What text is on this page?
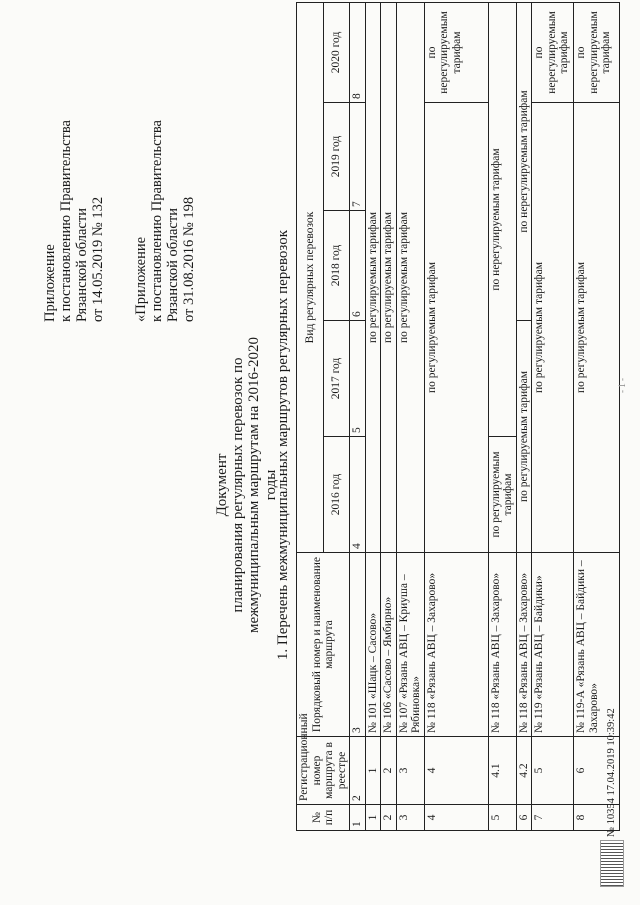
Приложение к постановлению Правительства Рязанской области от 14.05.2019 № 132 «Приложение к постановлению Правительства Рязанской области от 31.08.2016 № 198
Документ планирования регулярных перевозок по межмуниципальным маршрутам на 2016-2020 годы
1. Перечень межмуниципальных маршрутов регулярных перевозок
№ п/п	Регистрационный номер маршрута в реестре	Порядковый номер и наименование маршрута	Вид регулярных перевозок				
			2016 год	2017 год	2018 год	2019 год	2020 год
1	2	3	4	5	6	7	8
1	1	№ 101 «Шацк – Сасово»	по регулируемым тарифам				
2	2	№ 106 «Сасово – Ямбирно»	по регулируемым тарифам				
3	3	№ 107 «Рязань АВЦ – Криуша – Рябиновка»	по регулируемым тарифам				
4	4	№ 118 «Рязань АВЦ – Захарово»	по регулируемым тарифам				по нерегулируемым тарифам
5	4.1	№ 118 «Рязань АВЦ – Захарово»	по регулируемым тарифам	по нерегулируемым тарифам			
6	4.2	№ 118 «Рязань АВЦ – Захарово»	по регулируемым тарифам		по нерегулируемым тарифам		
7	5	№ 119 «Рязань АВЦ – Байдики»	по регулируемым тарифам				по нерегулируемым тарифам
8	6	№ 119-А «Рязань АВЦ – Байдики – Захарово»	по регулируемым тарифам				по нерегулируемым тарифам
№ 10354 17.04.2019 10:39:42
- 1 -
